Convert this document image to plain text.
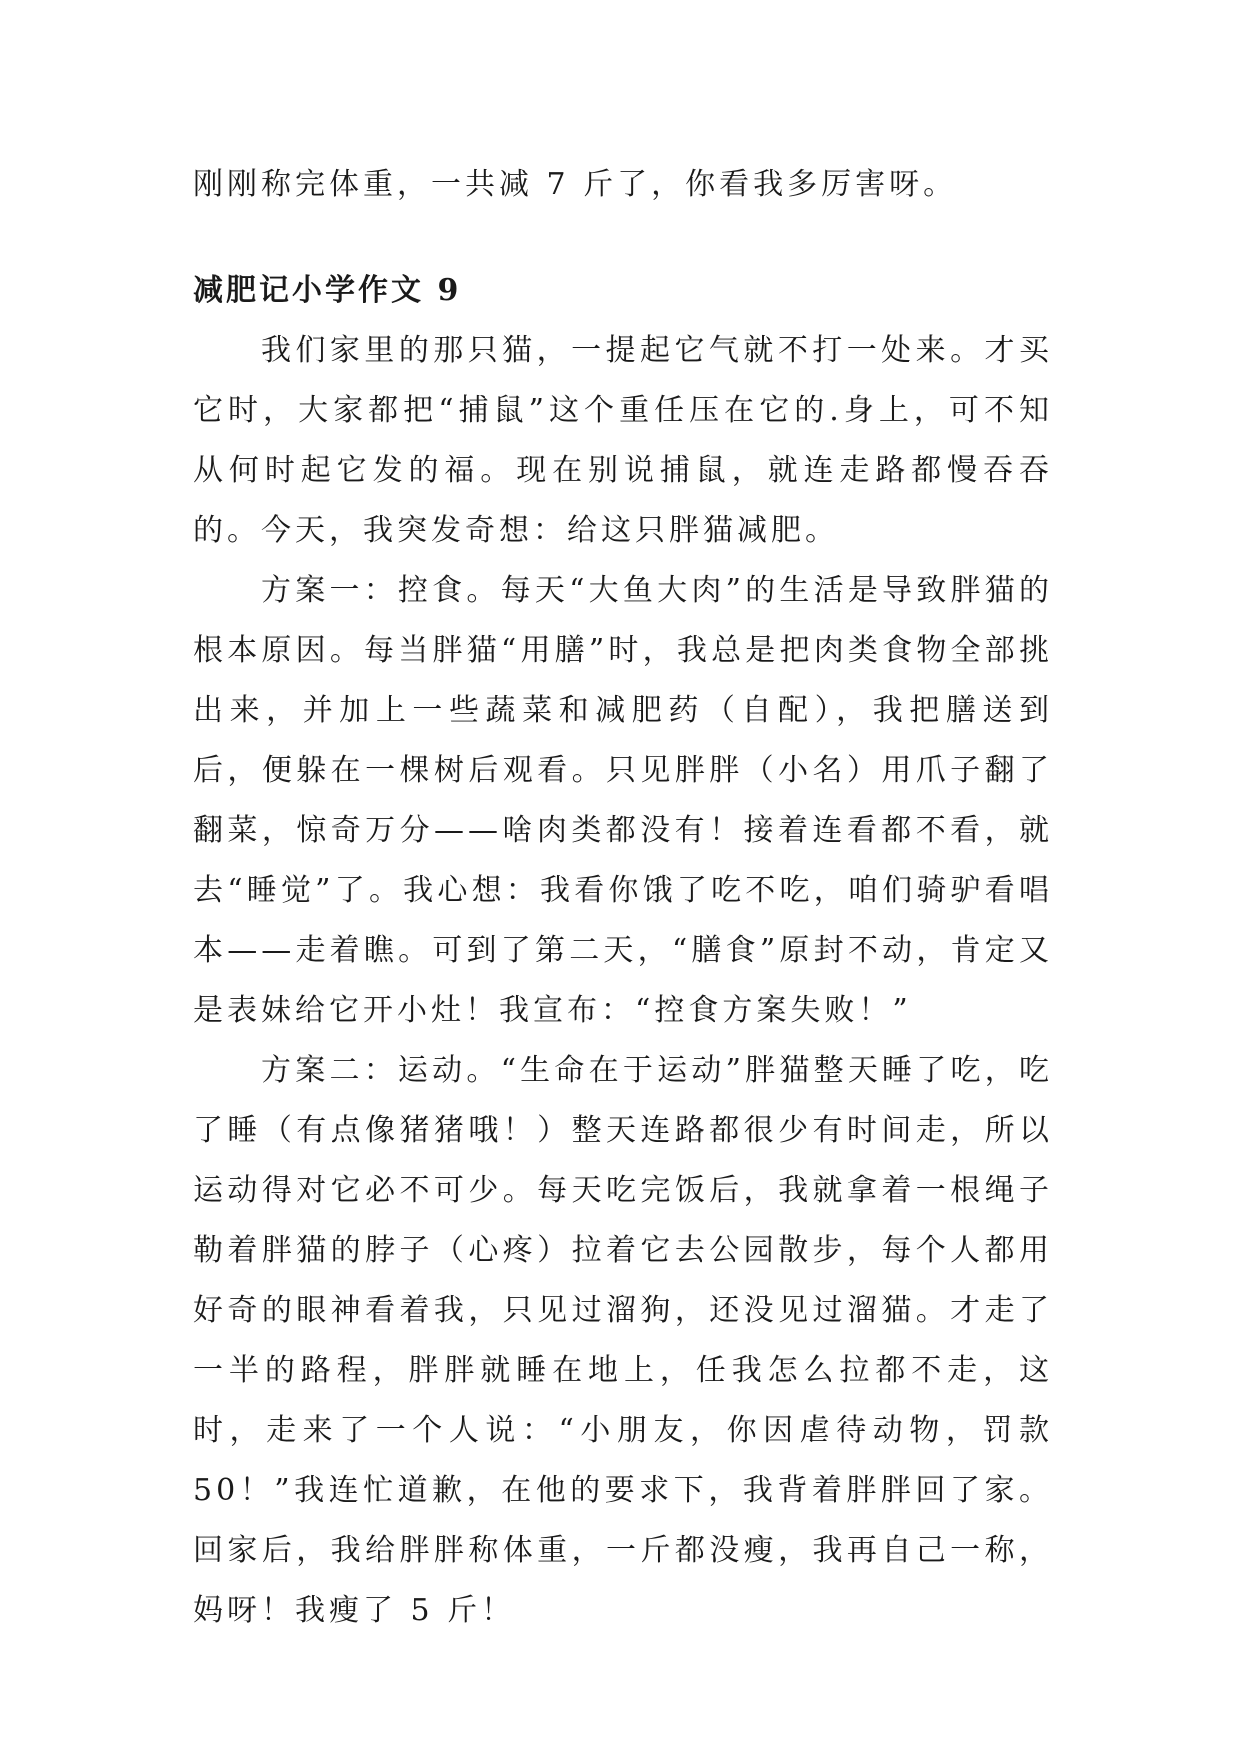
刚刚称完体重，一共减 7 斤了，你看我多厉害呀。

减肥记小学作文 9

我们家里的那只猫，一提起它气就不打一处来。才买它时，大家都把“捕鼠”这个重任压在它的.身上，可不知从何时起它发的福。现在别说捕鼠，就连走路都慢吞吞的。今天，我突发奇想：给这只胖猫减肥。

方案一：控食。每天“大鱼大肉”的生活是导致胖猫的根本原因。每当胖猫“用膳”时，我总是把肉类食物全部挑出来，并加上一些蔬菜和减肥药（自配），我把膳送到后，便躲在一棵树后观看。只见胖胖（小名）用爪子翻了翻菜，惊奇万分——啥肉类都没有！接着连看都不看，就去“睡觉”了。我心想：我看你饿了吃不吃，咱们骑驴看唱本——走着瞧。可到了第二天，“膳食”原封不动，肯定又是表妹给它开小灶！我宣布：“控食方案失败！”

方案二：运动。“生命在于运动”胖猫整天睡了吃，吃了睡（有点像猪猪哦！）整天连路都很少有时间走，所以运动得对它必不可少。每天吃完饭后，我就拿着一根绳子勒着胖猫的脖子（心疼）拉着它去公园散步，每个人都用好奇的眼神看着我，只见过溜狗，还没见过溜猫。才走了一半的路程，胖胖就睡在地上，任我怎么拉都不走，这时，走来了一个人说：“小朋友，你因虐待动物，罚款 50！”我连忙道歉，在他的要求下，我背着胖胖回了家。回家后，我给胖胖称体重，一斤都没瘦，我再自己一称，妈呀！我瘦了 5 斤！
